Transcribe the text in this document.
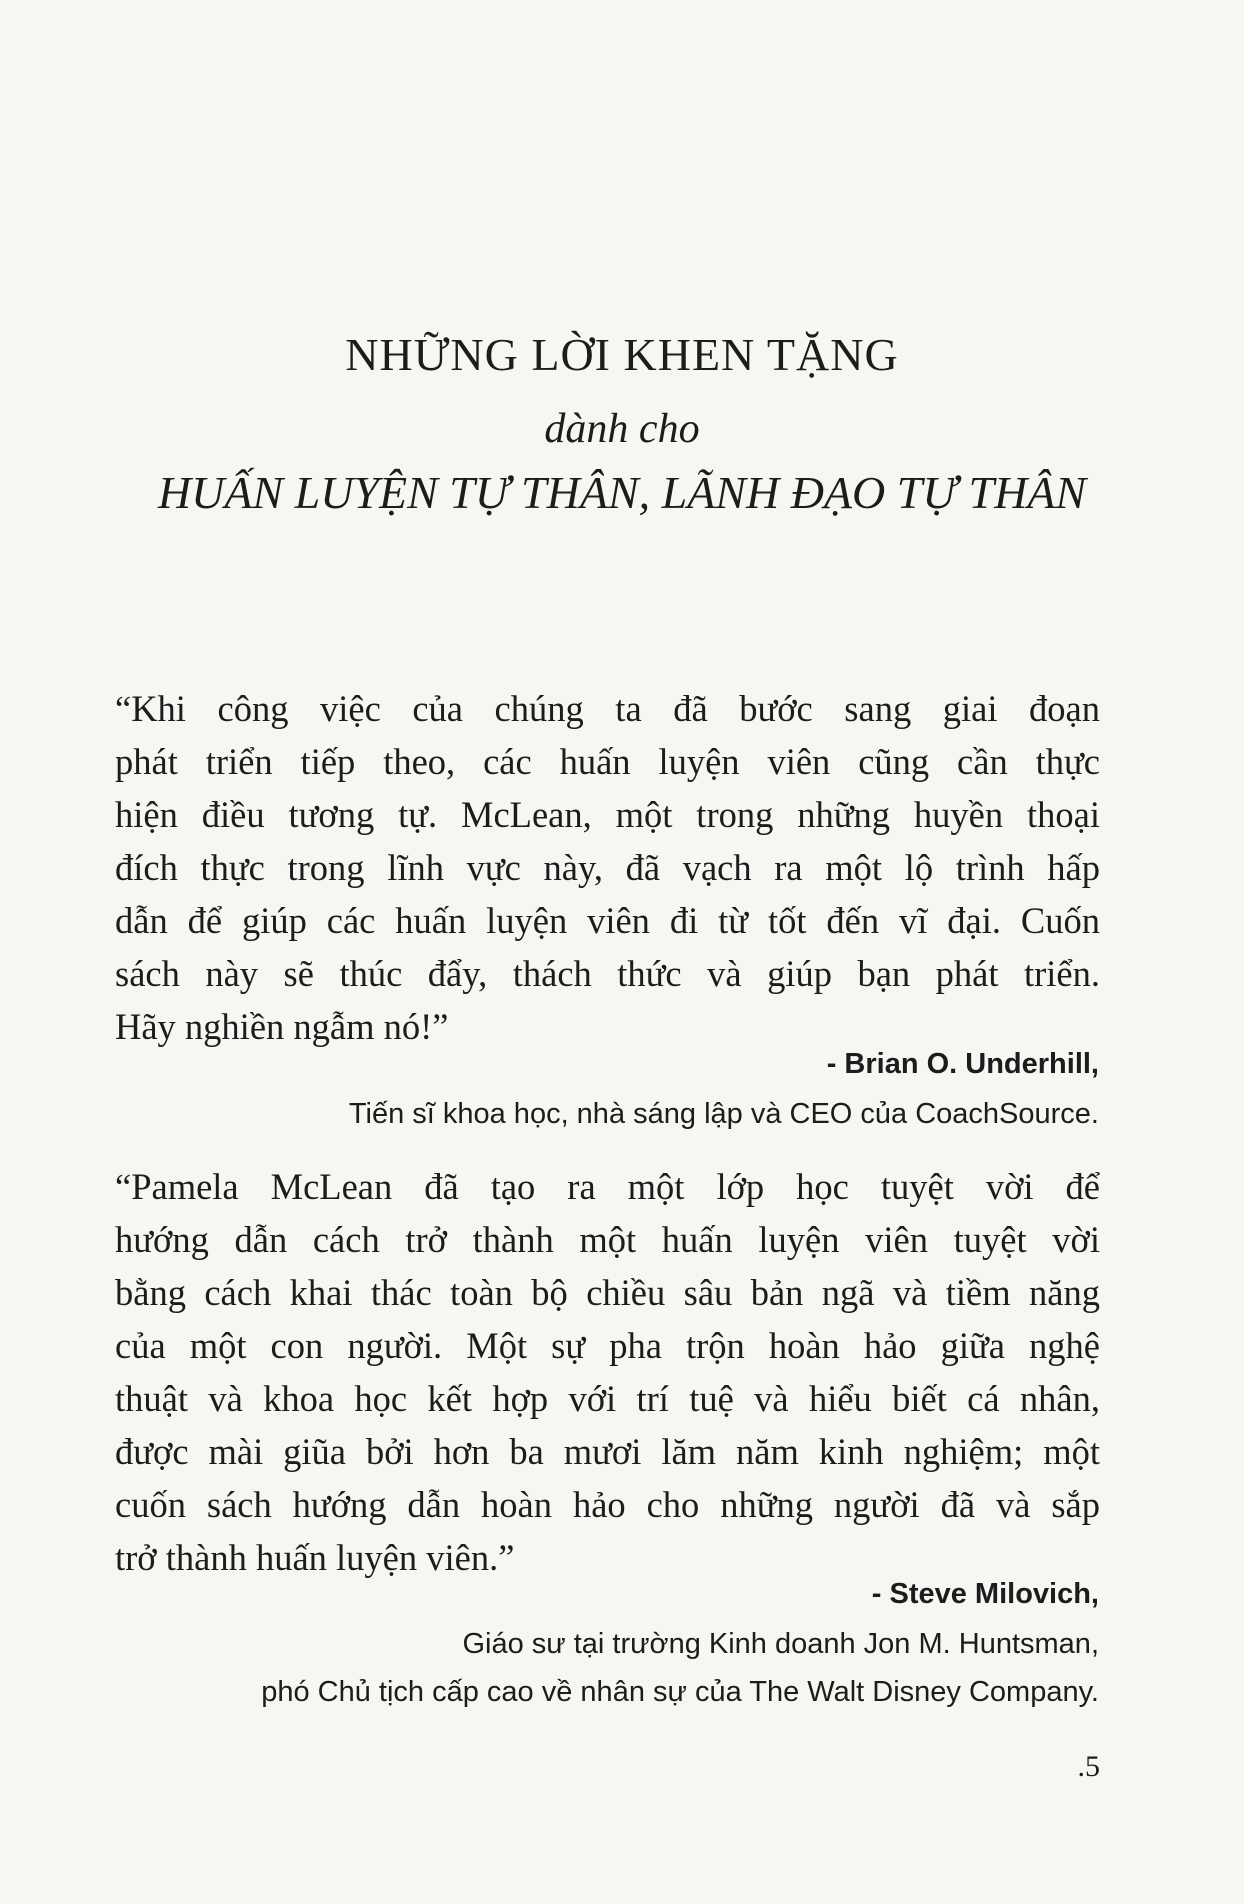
NHỮNG LỜI KHEN TẶNG
dành cho
HUẤN LUYỆN TỰ THÂN, LÃNH ĐẠO TỰ THÂN

“Khi công việc của chúng ta đã bước sang giai đoạn
phát triển tiếp theo, các huấn luyện viên cũng cần thực
hiện điều tương tự. McLean, một trong những huyền thoại
đích thực trong lĩnh vực này, đã vạch ra một lộ trình hấp
dẫn để giúp các huấn luyện viên đi từ tốt đến vĩ đại. Cuốn
sách này sẽ thúc đẩy, thách thức và giúp bạn phát triển.
Hãy nghiền ngẫm nó!”

- Brian O. Underhill,
Tiến sĩ khoa học, nhà sáng lập và CEO của CoachSource.

“Pamela McLean đã tạo ra một lớp học tuyệt vời để
hướng dẫn cách trở thành một huấn luyện viên tuyệt vời
bằng cách khai thác toàn bộ chiều sâu bản ngã và tiềm năng
của một con người. Một sự pha trộn hoàn hảo giữa nghệ
thuật và khoa học kết hợp với trí tuệ và hiểu biết cá nhân,
được mài giũa bởi hơn ba mươi lăm năm kinh nghiệm; một
cuốn sách hướng dẫn hoàn hảo cho những người đã và sắp
trở thành huấn luyện viên.”

- Steve Milovich,
Giáo sư tại trường Kinh doanh Jon M. Huntsman,
phó Chủ tịch cấp cao về nhân sự của The Walt Disney Company.
.5
